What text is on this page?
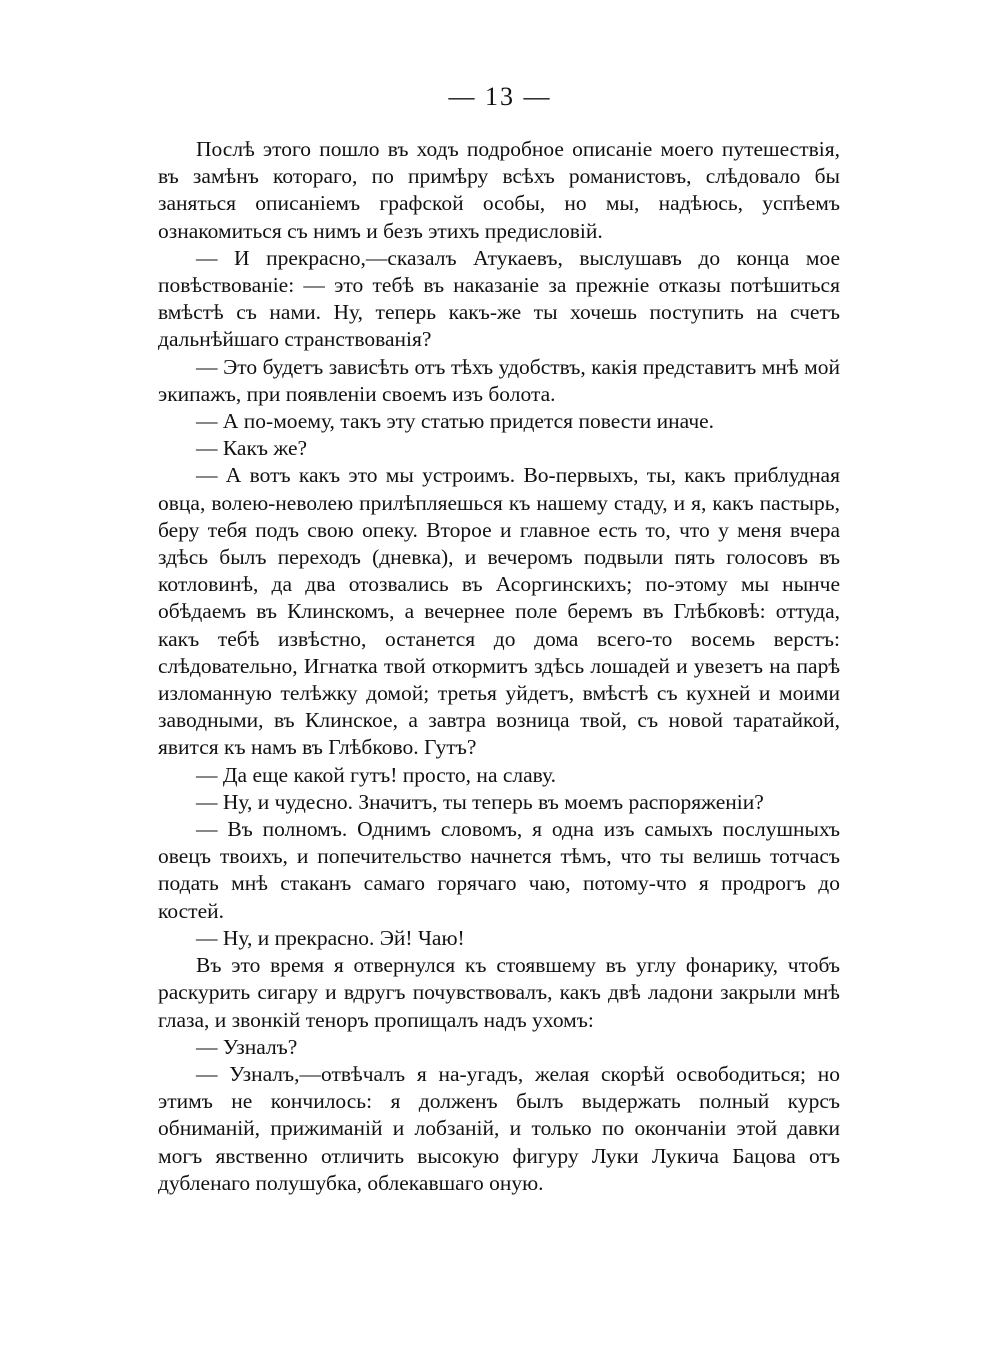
— 13 —

Послѣ этого пошло въ ходъ подробное описаніе моего путешествія, въ замѣнъ котораго, по примѣру всѣхъ романистовъ, слѣдовало бы заняться описаніемъ графской особы, но мы, надѣюсь, успѣемъ ознакомиться съ нимъ и безъ этихъ предисловій.

— И прекрасно,—сказалъ Атукаевъ, выслушавъ до конца мое повѣствованіе: — это тебѣ въ наказаніе за прежніе отказы потѣшиться вмѣстѣ съ нами. Ну, теперь какъ-же ты хочешь поступить на счетъ дальнѣйшаго странствованія?

— Это будетъ зависѣть отъ тѣхъ удобствъ, какія представитъ мнѣ мой экипажъ, при появленіи своемъ изъ болота.

— А по-моему, такъ эту статью придется повести иначе.

— Какъ же?

— А вотъ какъ это мы устроимъ. Во-первыхъ, ты, какъ приблудная овца, волею-неволею прилѣпляешься къ нашему стаду, и я, какъ пастырь, беру тебя подъ свою опеку. Второе и главное есть то, что у меня вчера здѣсь былъ переходъ (дневка), и вечеромъ подвыли пять голосовъ въ котловинѣ, да два отозвались въ Асоргинскихъ; по-этому мы нынче обѣдаемъ въ Клинскомъ, а вечернее поле беремъ въ Глѣбковѣ: оттуда, какъ тебѣ извѣстно, останется до дома всего-то восемь верстъ: слѣдовательно, Игнатка твой откормитъ здѣсь лошадей и увезетъ на парѣ изломанную телѣжку домой; третья уйдетъ, вмѣстѣ съ кухней и моими заводными, въ Клинское, а завтра возница твой, съ новой таратайкой, явится къ намъ въ Глѣбково. Гутъ?

— Да еще какой гутъ! просто, на славу.

— Ну, и чудесно. Значитъ, ты теперь въ моемъ распоряженіи?

— Въ полномъ. Однимъ словомъ, я одна изъ самыхъ послушныхъ овецъ твоихъ, и попечительство начнется тѣмъ, что ты велишь тотчасъ подать мнѣ стаканъ самаго горячаго чаю, потому-что я продрогъ до костей.

— Ну, и прекрасно. Эй! Чаю!

Въ это время я отвернулся къ стоявшему въ углу фонарику, чтобъ раскурить сигару и вдругъ почувствовалъ, какъ двѣ ладони закрыли мнѣ глаза, и звонкій теноръ пропищалъ надъ ухомъ:

— Узналъ?

— Узналъ,—отвѣчалъ я на-угадъ, желая скорѣй освободиться; но этимъ не кончилось: я долженъ былъ выдержать полный курсъ обниманій, прижиманій и лобзаній, и только по окончаніи этой давки могъ явственно отличить высокую фигуру Луки Лукича Бацова отъ дубленаго полушубка, облекавшаго оную.
